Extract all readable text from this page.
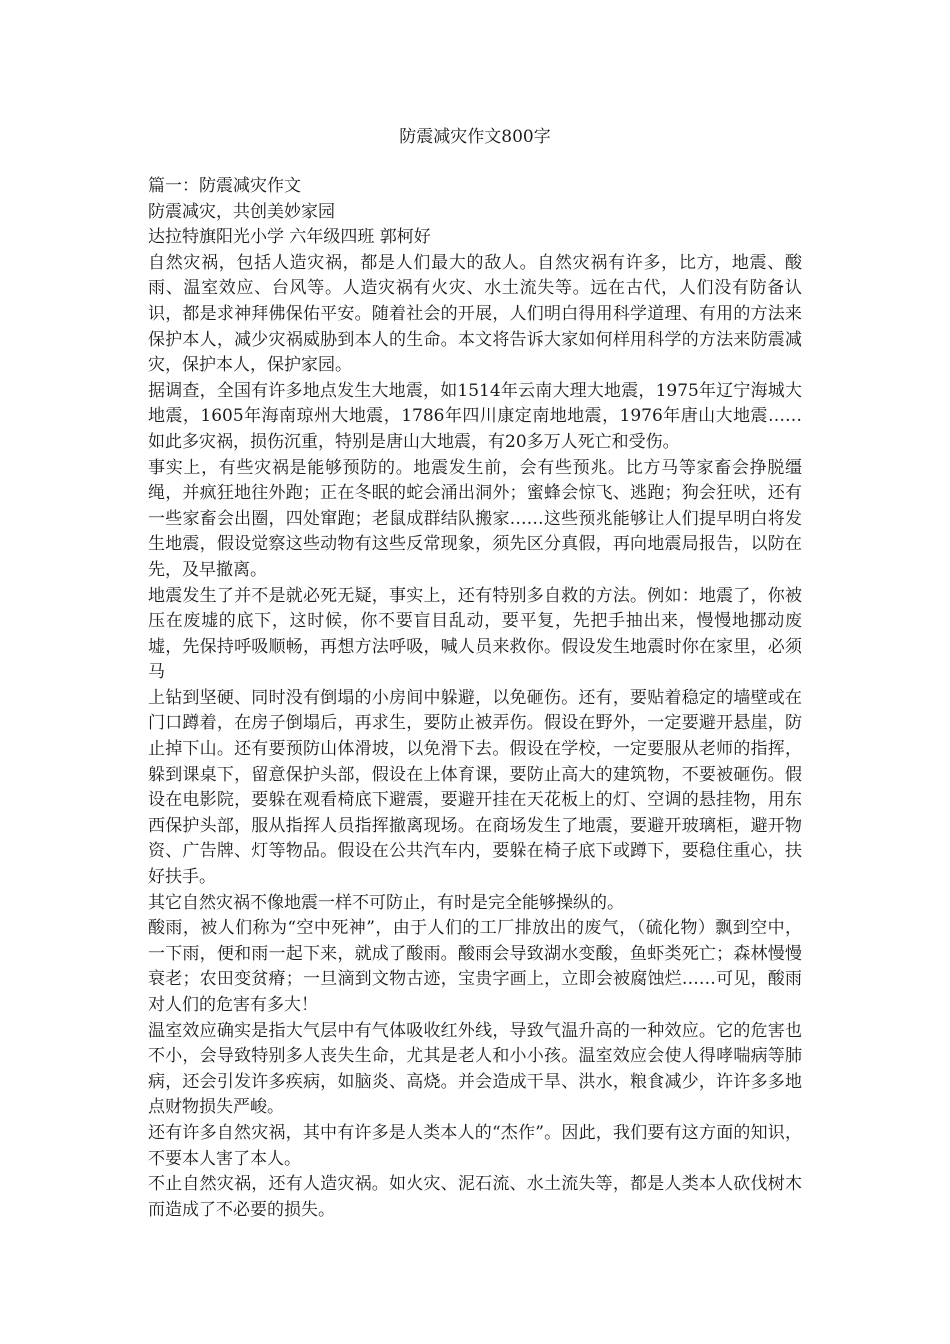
防震减灾作文800字

篇一：防震减灾作文

防震减灾，共创美妙家园

达拉特旗阳光小学 六年级四班 郭柯好

自然灾祸，包括人造灾祸，都是人们最大的敌人。自然灾祸有许多，比方，地震、酸雨、温室效应、台风等。人造灾祸有火灾、水土流失等。远在古代，人们没有防备认识，都是求神拜佛保佑平安。随着社会的开展，人们明白得用科学道理、有用的方法来保护本人，减少灾祸威胁到本人的生命。本文将告诉大家如何样用科学的方法来防震减灾，保护本人，保护家园。

据调查，全国有许多地点发生大地震，如1514年云南大理大地震，1975年辽宁海城大地震，1605年海南琼州大地震，1786年四川康定南地地震，1976年唐山大地震……如此多灾祸，损伤沉重，特别是唐山大地震，有20多万人死亡和受伤。

事实上，有些灾祸是能够预防的。地震发生前，会有些预兆。比方马等家畜会挣脱缰绳，并疯狂地往外跑；正在冬眠的蛇会涌出洞外；蜜蜂会惊飞、逃跑；狗会狂吠，还有一些家畜会出圈，四处窜跑；老鼠成群结队搬家……这些预兆能够让人们提早明白将发生地震，假设觉察这些动物有这些反常现象，须先区分真假，再向地震局报告，以防在先，及早撤离。

地震发生了并不是就必死无疑，事实上，还有特别多自救的方法。例如：地震了，你被压在废墟的底下，这时候，你不要盲目乱动，要平复，先把手抽出来，慢慢地挪动废墟，先保持呼吸顺畅，再想方法呼吸，喊人员来救你。假设发生地震时你在家里，必须马

上钻到坚硬、同时没有倒塌的小房间中躲避，以免砸伤。还有，要贴着稳定的墙壁或在门口蹲着，在房子倒塌后，再求生，要防止被弄伤。假设在野外，一定要避开悬崖，防止掉下山。还有要预防山体滑坡，以免滑下去。假设在学校，一定要服从老师的指挥，躲到课桌下，留意保护头部，假设在上体育课，要防止高大的建筑物，不要被砸伤。假设在电影院，要躲在观看椅底下避震，要避开挂在天花板上的灯、空调的悬挂物，用东西保护头部，服从指挥人员指挥撤离现场。在商场发生了地震，要避开玻璃柜，避开物资、广告牌、灯等物品。假设在公共汽车内，要躲在椅子底下或蹲下，要稳住重心，扶好扶手。

其它自然灾祸不像地震一样不可防止，有时是完全能够操纵的。

酸雨，被人们称为“空中死神”，由于人们的工厂排放出的废气，（硫化物）飘到空中，一下雨，便和雨一起下来，就成了酸雨。酸雨会导致湖水变酸，鱼虾类死亡；森林慢慢衰老；农田变贫瘠；一旦滴到文物古迹，宝贵字画上，立即会被腐蚀烂……可见，酸雨对人们的危害有多大！

温室效应确实是指大气层中有气体吸收红外线，导致气温升高的一种效应。它的危害也不小，会导致特别多人丧失生命，尤其是老人和小小孩。温室效应会使人得哮喘病等肺病，还会引发许多疾病，如脑炎、高烧。并会造成干旱、洪水，粮食减少，许许多多地点财物损失严峻。

还有许多自然灾祸，其中有许多是人类本人的“杰作”。因此，我们要有这方面的知识，不要本人害了本人。

不止自然灾祸，还有人造灾祸。如火灾、泥石流、水土流失等，都是人类本人砍伐树木而造成了不必要的损失。
